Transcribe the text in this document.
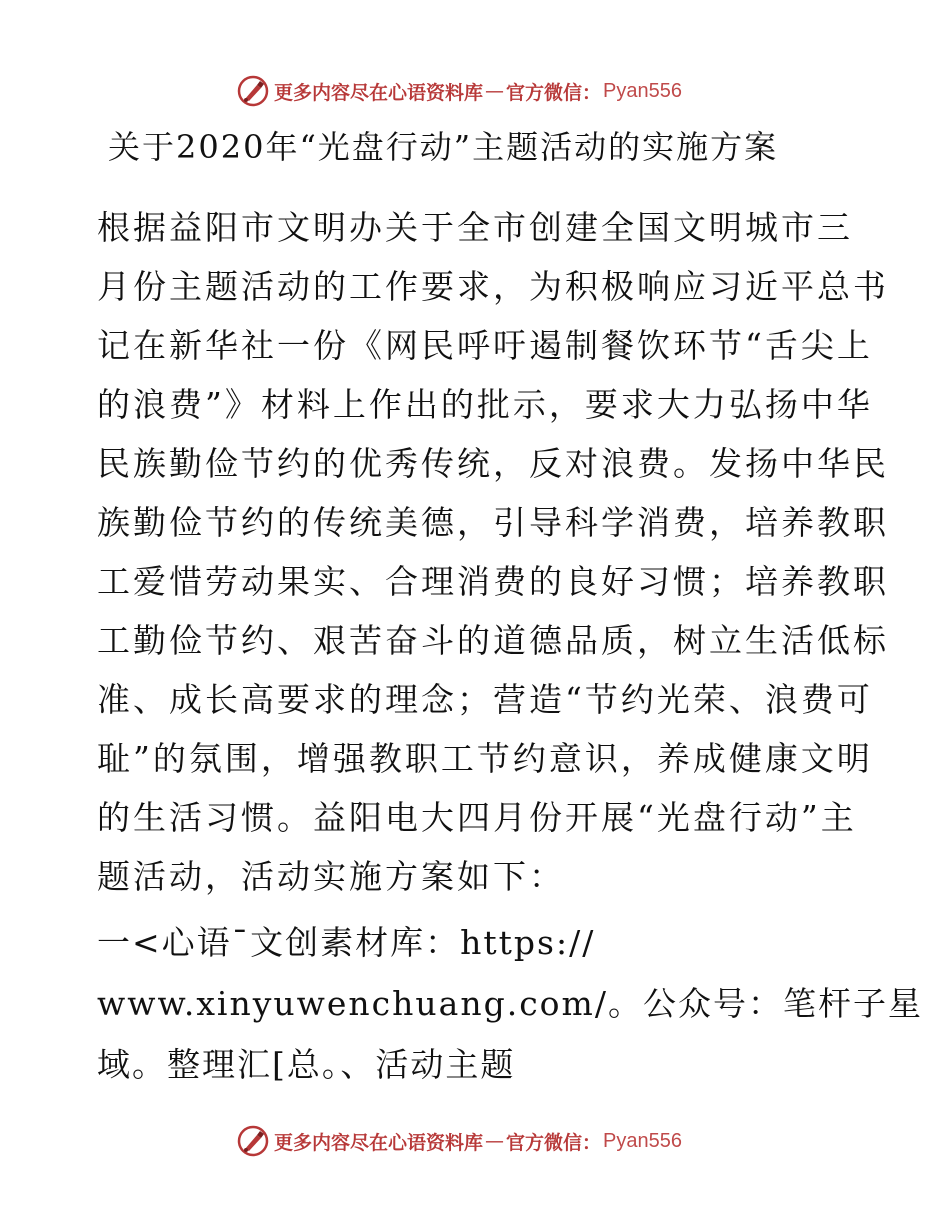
更多内容尽在心语资料库 — 官方微信： Pyan556
关于2020年“光盘行动”主题活动的实施方案
根据益阳市文明办关于全市创建全国文明城市三
月份主题活动的工作要求，为积极响应习近平总书
记在新华社一份《网民呼吁遏制餐饮环节“舌尖上
的浪费”》材料上作出的批示，要求大力弘扬中华
民族勤俭节约的优秀传统，反对浪费。发扬中华民
族勤俭节约的传统美德，引导科学消费，培养教职
工爱惜劳动果实、合理消费的良好习惯；培养教职
工勤俭节约、艰苦奋斗的道德品质，树立生活低标
准、成长高要求的理念；营造“节约光荣、浪费可
耻”的氛围，增强教职工节约意识，养成健康文明
的生活习惯。益阳电大四月份开展“光盘行动”主
题活动，活动实施方案如下：
一<心语¯文创素材库：https://
www.xinyuwenchuang.com/。公众号：笔杆子星
域。整理汇[总。、活动主题
更多内容尽在心语资料库 — 官方微信： Pyan556
